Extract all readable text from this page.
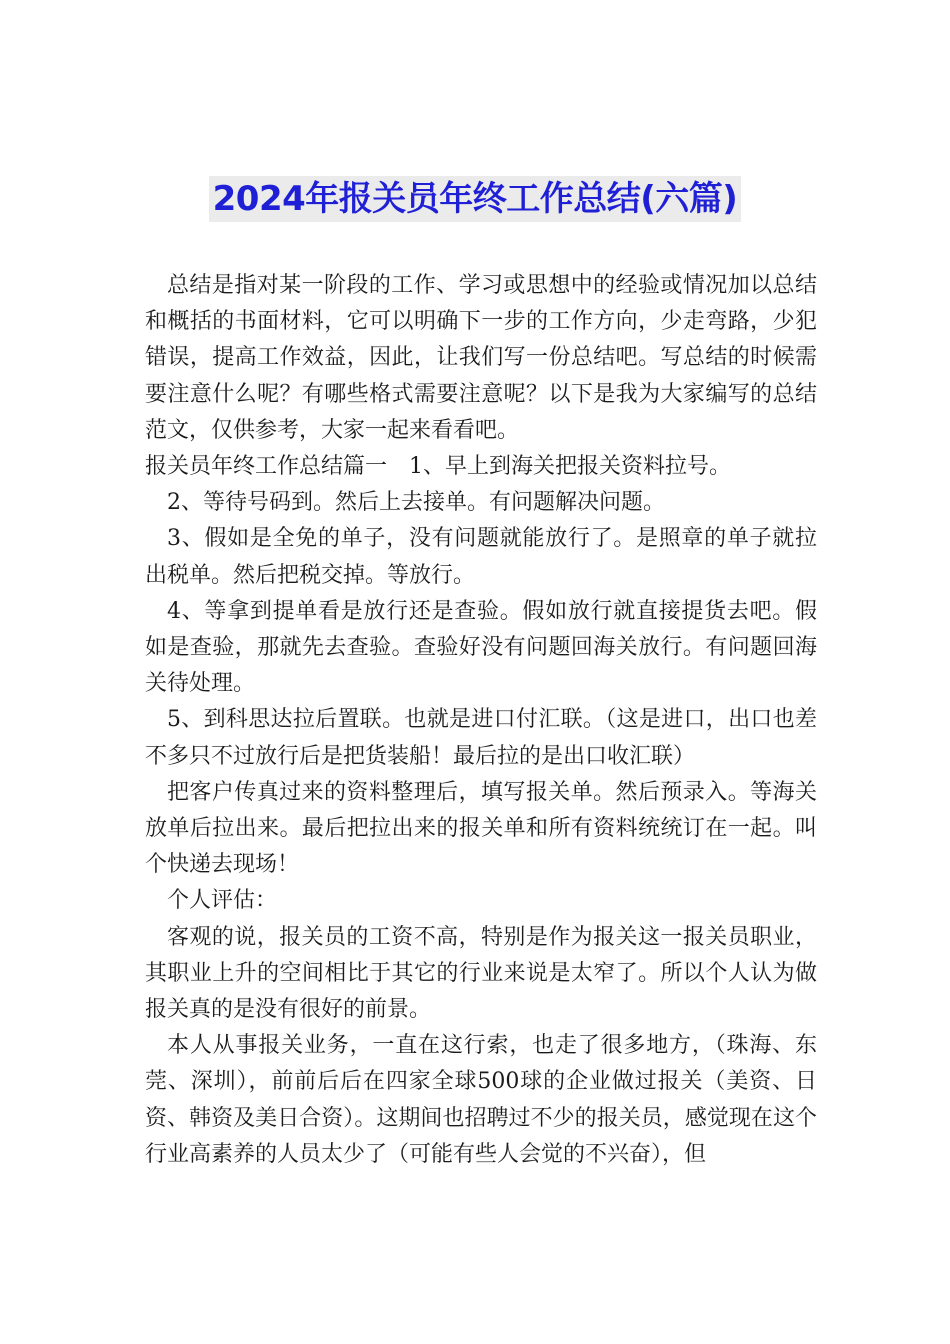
2024年报关员年终工作总结(六篇)

总结是指对某一阶段的工作、学习或思想中的经验或情况加以总结和概括的书面材料，它可以明确下一步的工作方向，少走弯路，少犯错误，提高工作效益，因此，让我们写一份总结吧。写总结的时候需要注意什么呢？有哪些格式需要注意呢？以下是我为大家编写的总结范文，仅供参考，大家一起来看看吧。

报关员年终工作总结篇一　1、早上到海关把报关资料拉号。

2、等待号码到。然后上去接单。有问题解决问题。

3、假如是全免的单子，没有问题就能放行了。是照章的单子就拉出税单。然后把税交掉。等放行。

4、等拿到提单看是放行还是查验。假如放行就直接提货去吧。假如是查验，那就先去查验。查验好没有问题回海关放行。有问题回海关待处理。

5、到科思达拉后置联。也就是进口付汇联。（这是进口，出口也差不多只不过放行后是把货装船！最后拉的是出口收汇联）

把客户传真过来的资料整理后，填写报关单。然后预录入。等海关放单后拉出来。最后把拉出来的报关单和所有资料统统订在一起。叫个快递去现场！

个人评估：

客观的说，报关员的工资不高，特别是作为报关这一报关员职业，其职业上升的空间相比于其它的行业来说是太窄了。所以个人认为做报关真的是没有很好的前景。

本人从事报关业务，一直在这行索，也走了很多地方，（珠海、东莞、深圳），前前后后在四家全球500球的企业做过报关（美资、日资、韩资及美日合资）。这期间也招聘过不少的报关员，感觉现在这个行业高素养的人员太少了（可能有些人会觉的不兴奋），但
